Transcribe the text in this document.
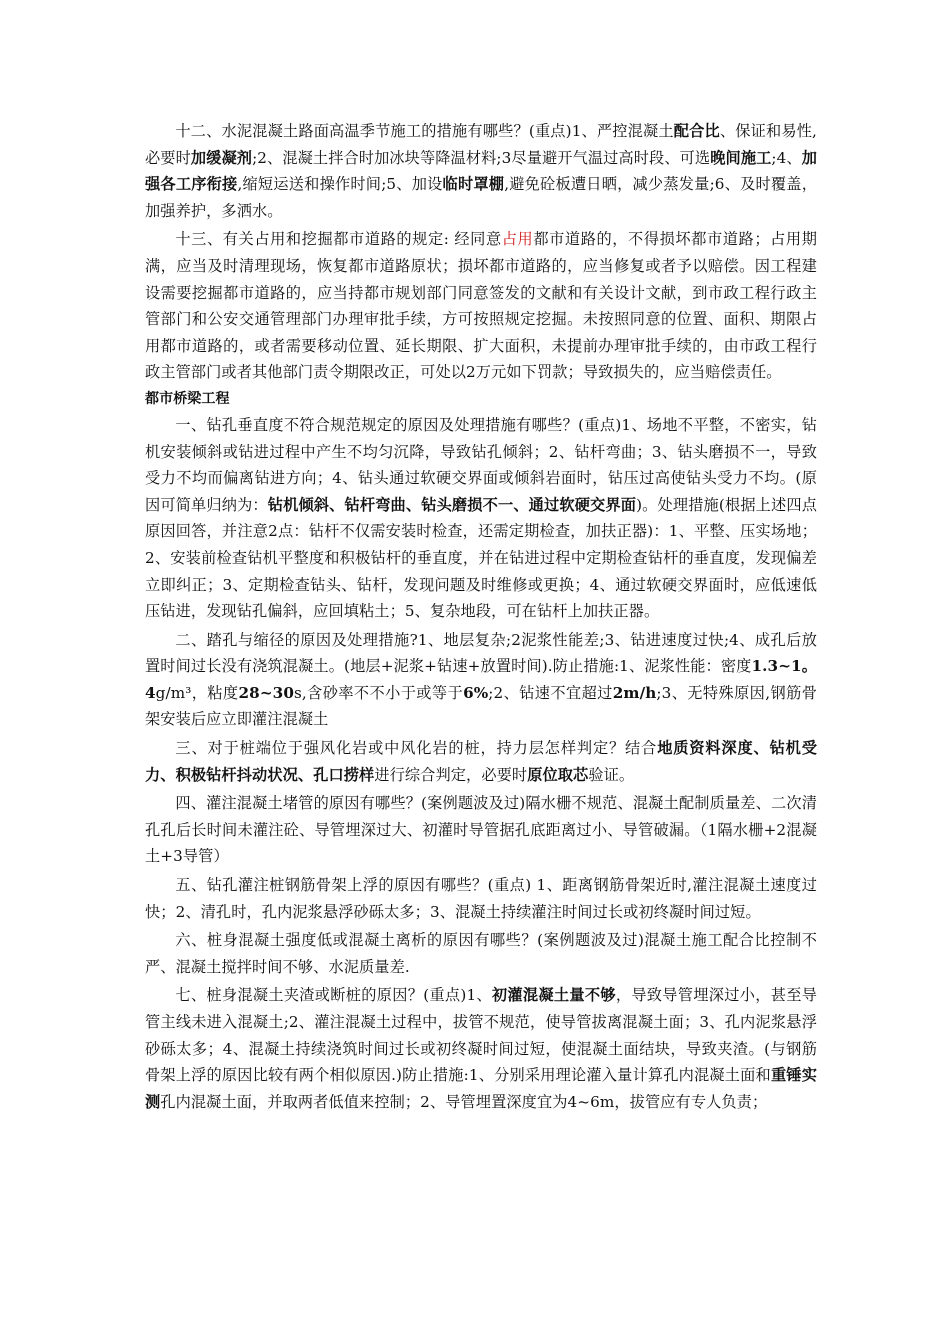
十二、水泥混凝土路面高温季节施工的措施有哪些？(重点)1、严控混凝土配合比、保证和易性,必要时加缓凝剂;2、混凝土拌合时加冰块等降温材料;3尽量避开气温过高时段、可选晚间施工;4、加强各工序衔接,缩短运送和操作时间;5、加设临时罩棚,避免砼板遭日晒，减少蒸发量;6、及时覆盖，加强养护，多洒水。

十三、有关占用和挖掘都市道路的规定: 经同意占用都市道路的，不得损坏都市道路；占用期满，应当及时清理现场，恢复都市道路原状；损坏都市道路的，应当修复或者予以赔偿。因工程建设需要挖掘都市道路的，应当持都市规划部门同意签发的文献和有关设计文献，到市政工程行政主管部门和公安交通管理部门办理审批手续，方可按照规定挖掘。未按照同意的位置、面积、期限占用都市道路的，或者需要移动位置、延长期限、扩大面积，未提前办理审批手续的，由市政工程行政主管部门或者其他部门责令期限改正，可处以2万元如下罚款；导致损失的，应当赔偿责任。

都市桥梁工程

一、钻孔垂直度不符合规范规定的原因及处理措施有哪些？(重点)1、场地不平整，不密实，钻机安装倾斜或钻进过程中产生不均匀沉降，导致钻孔倾斜；2、钻杆弯曲；3、钻头磨损不一，导致受力不均而偏离钻进方向；4、钻头通过软硬交界面或倾斜岩面时，钻压过高使钻头受力不均。(原因可简单归纳为：钻机倾斜、钻杆弯曲、钻头磨损不一、通过软硬交界面)。处理措施(根据上述四点原因回答，并注意2点：钻杆不仅需安装时检查，还需定期检查，加扶正器)：1、平整、压实场地；2、安装前检查钻机平整度和积极钻杆的垂直度，并在钻进过程中定期检查钻杆的垂直度，发现偏差立即纠正；3、定期检查钻头、钻杆，发现问题及时维修或更换；4、通过软硬交界面时，应低速低压钻进，发现钻孔偏斜，应回填粘土；5、复杂地段，可在钻杆上加扶正器。

二、踏孔与缩径的原因及处理措施?1、地层复杂;2泥浆性能差;3、钻进速度过快;4、成孔后放置时间过长没有浇筑混凝土。(地层+泥浆+钻速+放置时间).防止措施:1、泥浆性能：密度1.3~1。4g/m³，粘度28~30s,含砂率不不小于或等于6%;2、钻速不宜超过2m/h;3、无特殊原因,钢筋骨架安装后应立即灌注混凝土

三、对于桩端位于强风化岩或中风化岩的桩，持力层怎样判定？结合地质资料深度、钻机受力、积极钻杆抖动状况、孔口捞样进行综合判定，必要时原位取芯验证。

四、灌注混凝土堵管的原因有哪些？(案例题波及过)隔水栅不规范、混凝土配制质量差、二次清孔孔后长时间未灌注砼、导管埋深过大、初灌时导管据孔底距离过小、导管破漏。（1隔水栅+2混凝土+3导管）

五、钻孔灌注桩钢筋骨架上浮的原因有哪些？(重点) 1、距离钢筋骨架近时,灌注混凝土速度过快；2、清孔时，孔内泥浆悬浮砂砾太多；3、混凝土持续灌注时间过长或初终凝时间过短。

六、桩身混凝土强度低或混凝土离析的原因有哪些？(案例题波及过)混凝土施工配合比控制不严、混凝土搅拌时间不够、水泥质量差.

七、桩身混凝土夹渣或断桩的原因？(重点)1、初灌混凝土量不够，导致导管埋深过小，甚至导管主线未进入混凝土;2、灌注混凝土过程中，拔管不规范，使导管拔离混凝土面；3、孔内泥浆悬浮砂砾太多；4、混凝土持续浇筑时间过长或初终凝时间过短，使混凝土面结块，导致夹渣。(与钢筋骨架上浮的原因比较有两个相似原因.)防止措施:1、分别采用理论灌入量计算孔内混凝土面和重锤实测孔内混凝土面，并取两者低值来控制；2、导管埋置深度宜为4~6m，拔管应有专人负责；
